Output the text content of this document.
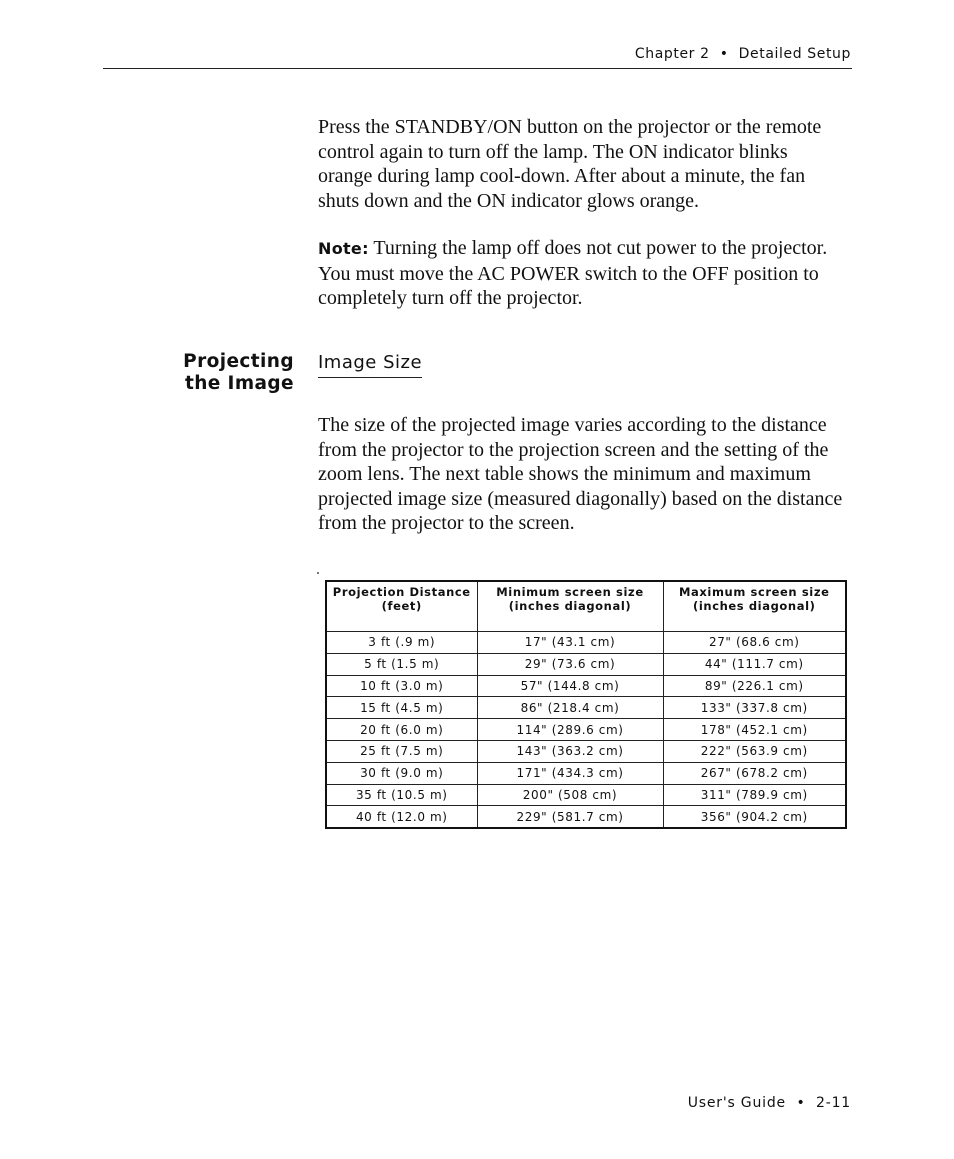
Chapter 2 • Detailed Setup
Press the STANDBY/ON button on the projector or the remote control again to turn off the lamp. The ON indicator blinks orange during lamp cool-down. After about a minute, the fan shuts down and the ON indicator glows orange.
Note: Turning the lamp off does not cut power to the projector. You must move the AC POWER switch to the OFF position to completely turn off the projector.
Projecting
the Image
Image Size
The size of the projected image varies according to the distance from the projector to the projection screen and the setting of the zoom lens. The next table shows the minimum and maximum projected image size (measured diagonally) based on the distance from the projector to the screen.
Projection Distance (feet)	Minimum screen size (inches diagonal)	Maximum screen size (inches diagonal)
3 ft (.9 m)	17" (43.1 cm)	27" (68.6 cm)
5 ft (1.5 m)	29" (73.6 cm)	44" (111.7 cm)
10 ft (3.0 m)	57" (144.8 cm)	89" (226.1 cm)
15 ft (4.5 m)	86" (218.4 cm)	133" (337.8 cm)
20 ft (6.0 m)	114" (289.6 cm)	178" (452.1 cm)
25 ft (7.5 m)	143" (363.2 cm)	222" (563.9 cm)
30 ft (9.0 m)	171" (434.3 cm)	267" (678.2 cm)
35 ft (10.5 m)	200" (508 cm)	311" (789.9 cm)
40 ft (12.0 m)	229" (581.7 cm)	356" (904.2 cm)
User's Guide • 2-11
